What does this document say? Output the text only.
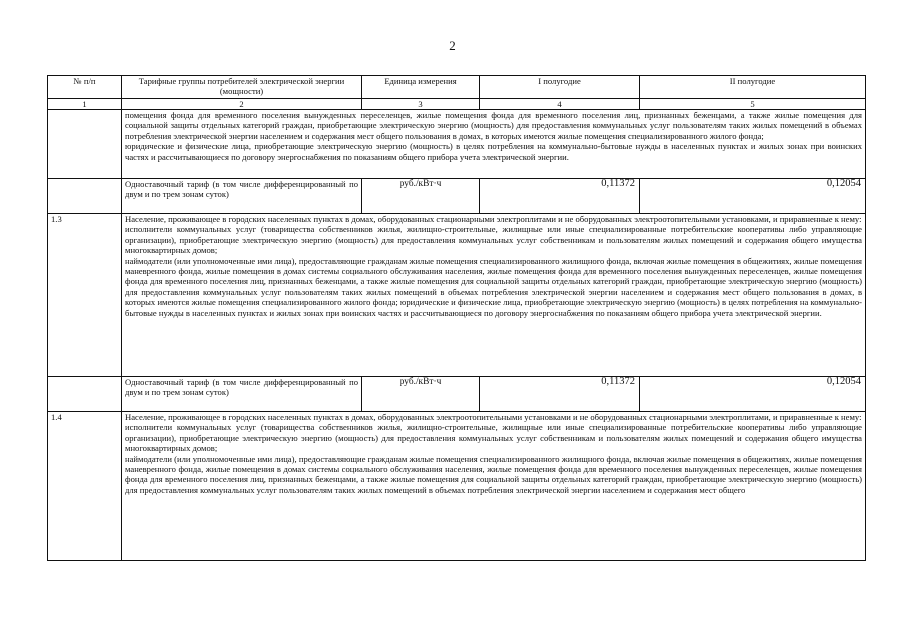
2
№ п/п	Тарифные группы потребителей электрической энергии (мощности)	Единица измерения	I полугодие	II полугодие
1	2	3	4	5

	помещения фонда для временного поселения вынужденных переселенцев, жилые помещения фонда для временного поселения лиц, признанных беженцами, а также жилые помещения для социальной защиты отдельных категорий граждан, приобретающие электрическую энергию (мощность) для предоставления коммунальных услуг пользователям таких жилых помещений в объемах потребления электрической энергии населением и содержания мест общего пользования в домах, в которых имеются жилые помещения специализированного жилого фонда;

юридические и физические лица, приобретающие электрическую энергию (мощность) в целях потребления на коммунально-бытовые нужды в населенных пунктах и жилых зонах при воинских частях и рассчитывающиеся по договору энергоснабжения по показаниям общего прибора учета электрической энергии.			

	Одноставочный тариф (в том числе дифференцированный по двум и по трем зонам суток)	руб./кВт·ч	0,11372	0,12054
1.3	Население, проживающее в городских населенных пунктах в домах, оборудованных стационарными электроплитами и не оборудованных электроотопительными установками, и приравненные к нему:

исполнители коммунальных услуг (товарищества собственников жилья, жилищно-строительные, жилищные или иные специализированные потребительские кооперативы либо управляющие организации), приобретающие электрическую энергию (мощность) для предоставления коммунальных услуг собственникам и пользователям жилых помещений и содержания общего имущества многоквартирных домов;

наймодатели (или уполномоченные ими лица), предоставляющие гражданам жилые помещения специализированного жилищного фонда, включая жилые помещения в общежитиях, жилые помещения маневренного фонда, жилые помещения в домах системы социального обслуживания населения, жилые помещения фонда для временного поселения вынужденных переселенцев, жилые помещения фонда для временного поселения лиц, признанных беженцами, а также жилые помещения для социальной защиты отдельных категорий граждан, приобретающие электрическую энергию (мощность) для предоставления коммунальных услуг пользователям таких жилых помещений в объемах потребления электрической энергии населением и содержания мест общего пользования в домах, в которых имеются жилые помещения специализированного жилого фонда; юридические и физические лица, приобретающие электрическую энергию (мощность) в целях потребления на коммунально-бытовые нужды в населенных пунктах и жилых зонах при воинских частях и рассчитывающиеся по договору энергоснабжения по показаниям общего прибора учета электрической энергии.			

	Одноставочный тариф (в том числе дифференцированный по двум и по трем зонам суток)	руб./кВт·ч	0,11372	0,12054
1.4	Население, проживающее в городских населенных пунктах в домах, оборудованных электроотопительными установками и не оборудованных стационарными электроплитами, и приравненные к нему:

исполнители коммунальных услуг (товарищества собственников жилья, жилищно-строительные, жилищные или иные специализированные потребительские кооперативы либо управляющие организации), приобретающие электрическую энергию (мощность) для предоставления коммунальных услуг собственникам и пользователям жилых помещений и содержания общего имущества многоквартирных домов;

наймодатели (или уполномоченные ими лица), предоставляющие гражданам жилые помещения специализированного жилищного фонда, включая жилые помещения в общежитиях, жилые помещения маневренного фонда, жилые помещения в домах системы социального обслуживания населения, жилые помещения фонда для временного поселения вынужденных переселенцев, жилые помещения фонда для временного поселения лиц, признанных беженцами, а также жилые помещения для социальной защиты отдельных категорий граждан, приобретающие электрическую энергию (мощность) для предоставления коммунальных услуг пользователям таких жилых помещений в объемах потребления электрической энергии населением и содержания мест общего			
